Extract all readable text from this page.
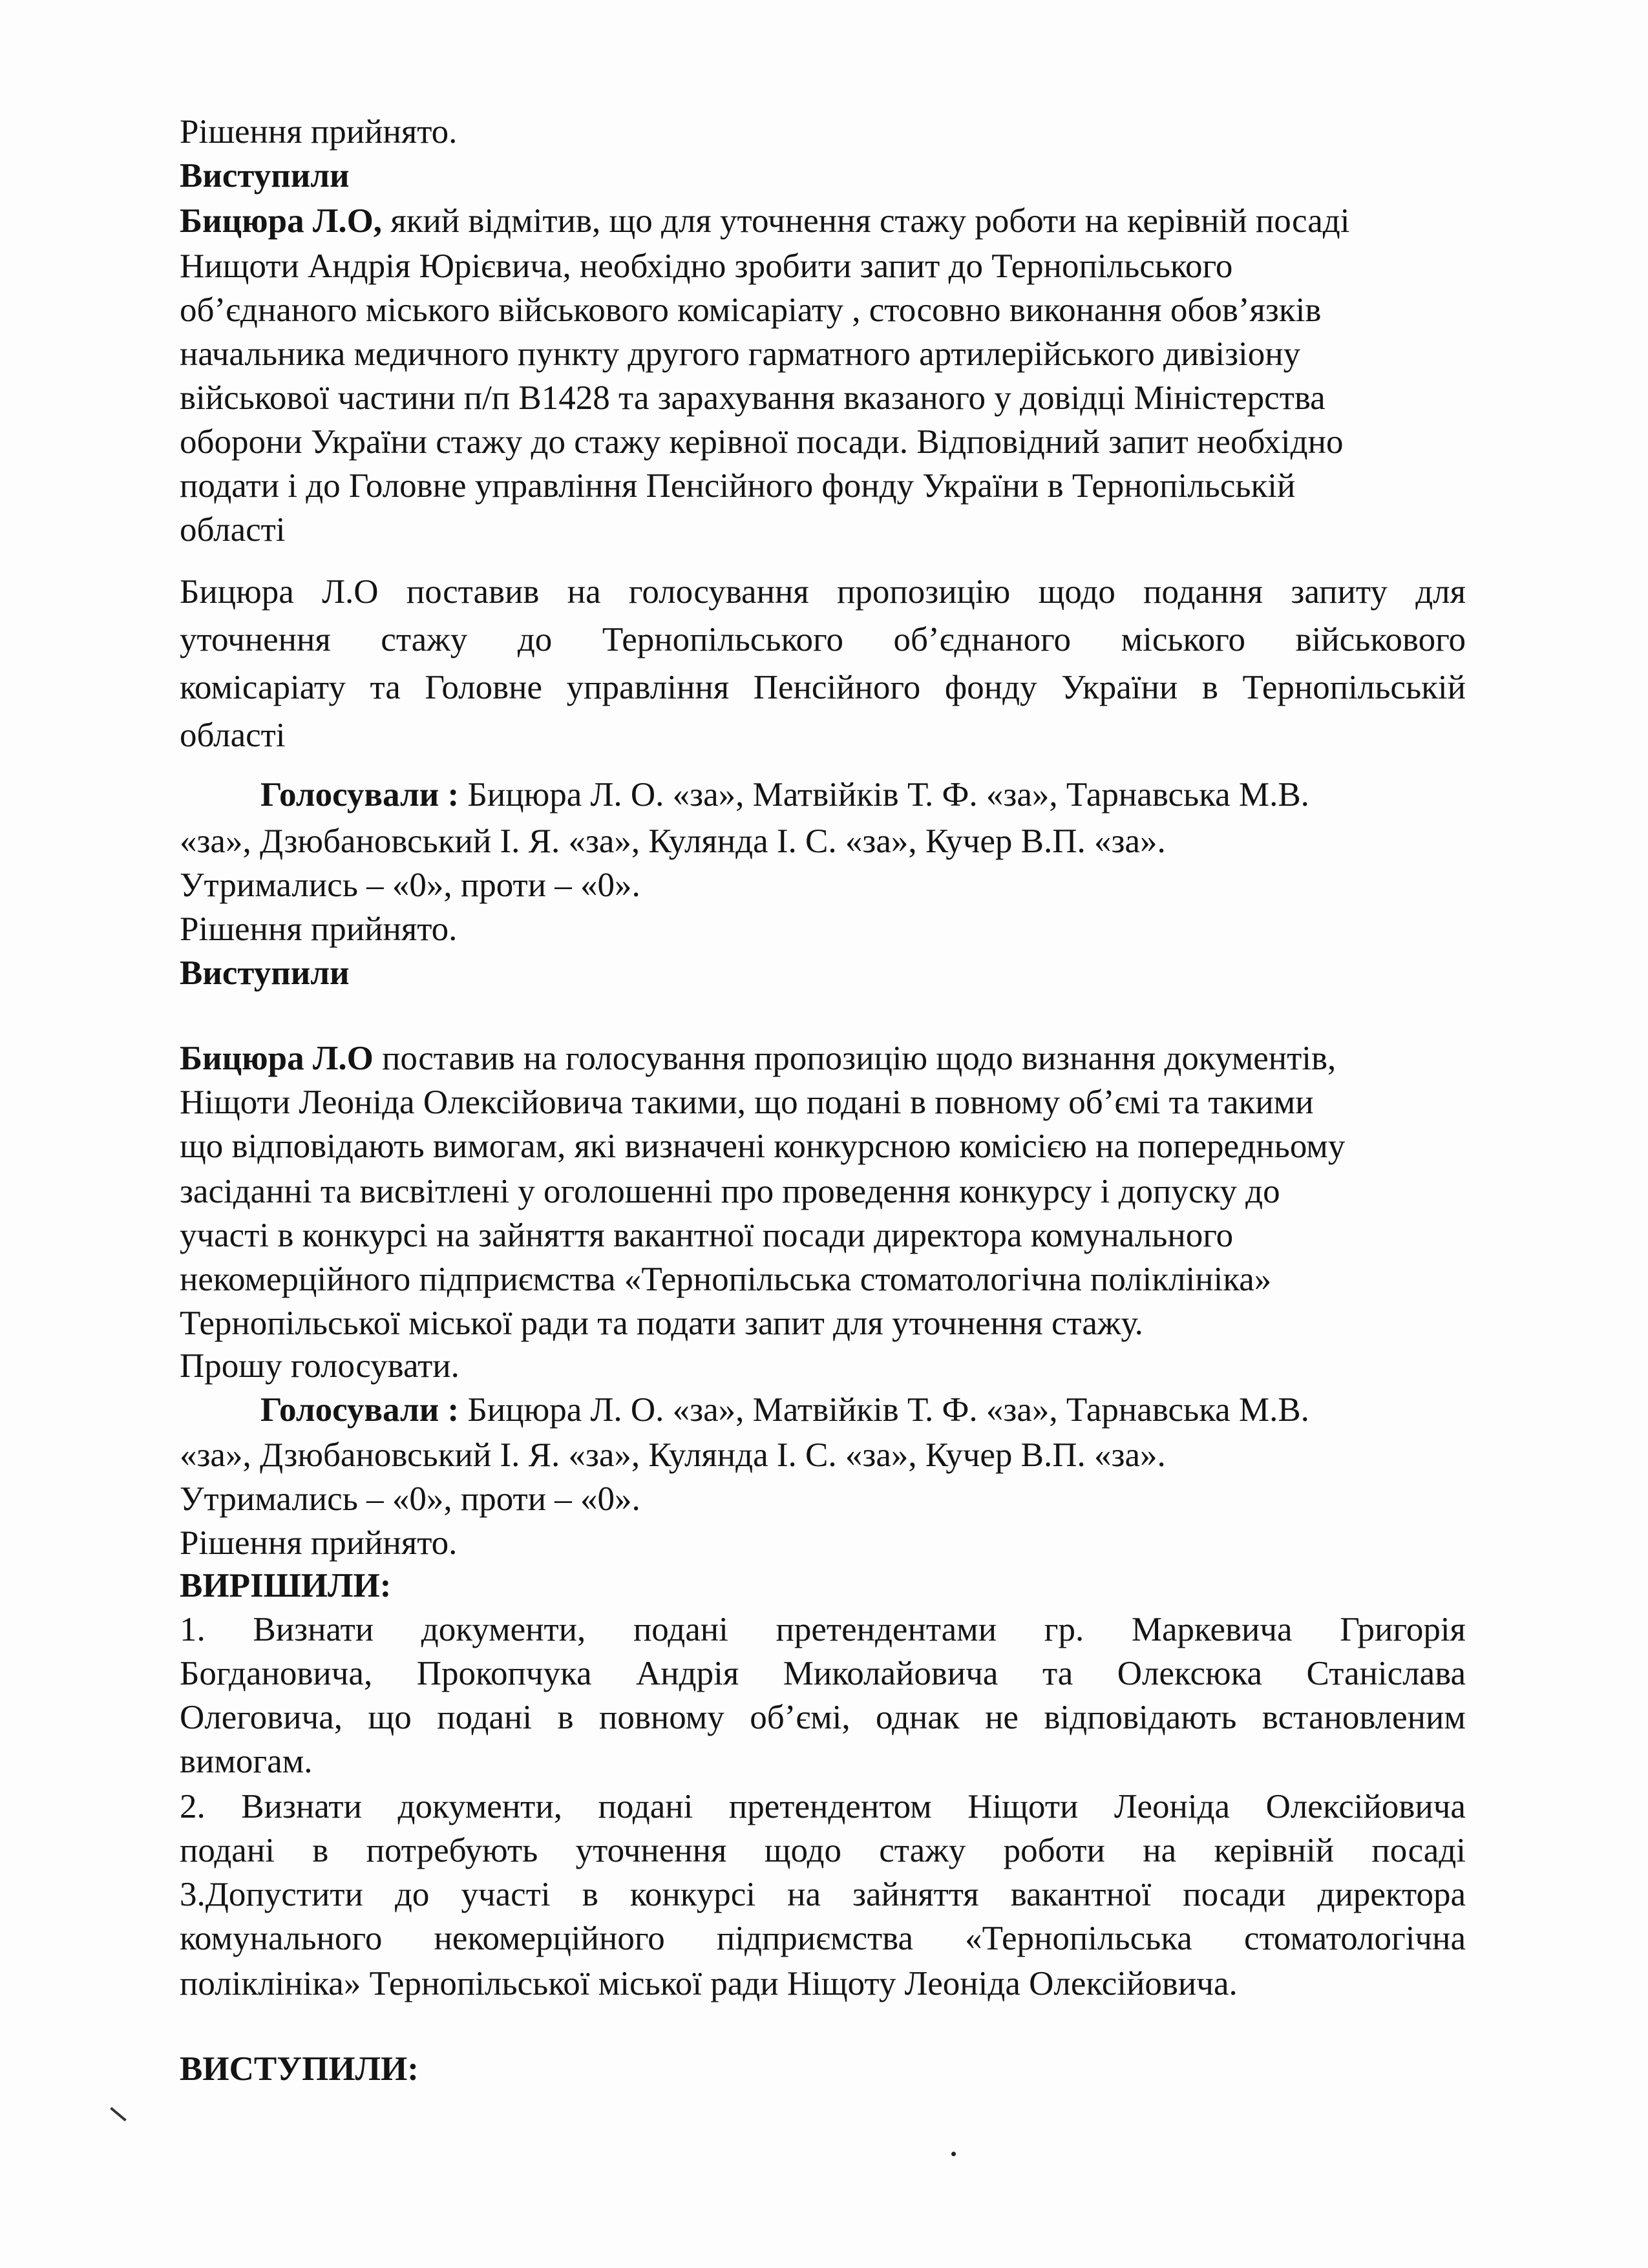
Рішення прийнято.
Виступили
Бицюра Л.О, який відмітив, що для уточнення стажу роботи на керівній посаді
Нищоти Андрія Юрієвича, необхідно зробити запит до Тернопільського
об’єднаного міського військового комісаріату , стосовно виконання обов’язків
начальника медичного пункту другого гарматного артилерійського дивізіону
військової частини п/п В1428 та зарахування вказаного у довідці Міністерства
оборони України стажу до стажу керівної посади. Відповідний запит необхідно
подати і до Головне управління Пенсійного фонду України в Тернопільській
області
Бицюра Л.О поставив на голосування пропозицію щодо подання запиту для
уточнення стажу до Тернопільського об’єднаного міського військового
комісаріату та Головне управління Пенсійного фонду України в Тернопільській
області
Голосували : Бицюра Л. О. «за», Матвійків Т. Ф. «за», Тарнавська М.В.
«за», Дзюбановський І. Я. «за», Кулянда І. С. «за», Кучер В.П. «за».
Утримались – «0», проти – «0».
Рішення прийнято.
Виступили
Бицюра Л.О поставив на голосування пропозицію щодо визнання документів,
Ніщоти Леоніда Олексійовича такими, що подані в повному об’ємі та такими
що відповідають вимогам, які визначені конкурсною комісією на попередньому
засіданні та висвітлені у оголошенні про проведення конкурсу і допуску до
участі в конкурсі на зайняття вакантної посади директора комунального
некомерційного підприємства «Тернопільська стоматологічна поліклініка»
Тернопільської міської ради та подати запит для уточнення стажу.
Прошу голосувати.
Голосували : Бицюра Л. О. «за», Матвійків Т. Ф. «за», Тарнавська М.В.
«за», Дзюбановський І. Я. «за», Кулянда І. С. «за», Кучер В.П. «за».
Утримались – «0», проти – «0».
Рішення прийнято.
ВИРІШИЛИ:
1. Визнати документи, подані претендентами гр. Маркевича Григорія
Богдановича, Прокопчука Андрія Миколайовича та Олексюка Станіслава
Олеговича, що подані в повному об’ємі, однак не відповідають встановленим
вимогам.
2. Визнати документи, подані претендентом Ніщоти Леоніда Олексійовича
подані в потребують уточнення щодо стажу роботи на керівній посаді
3.Допустити до участі в конкурсі на зайняття вакантної посади директора
комунального некомерційного підприємства «Тернопільська стоматологічна
поліклініка» Тернопільської міської ради Ніщоту Леоніда Олексійовича.
ВИСТУПИЛИ:
